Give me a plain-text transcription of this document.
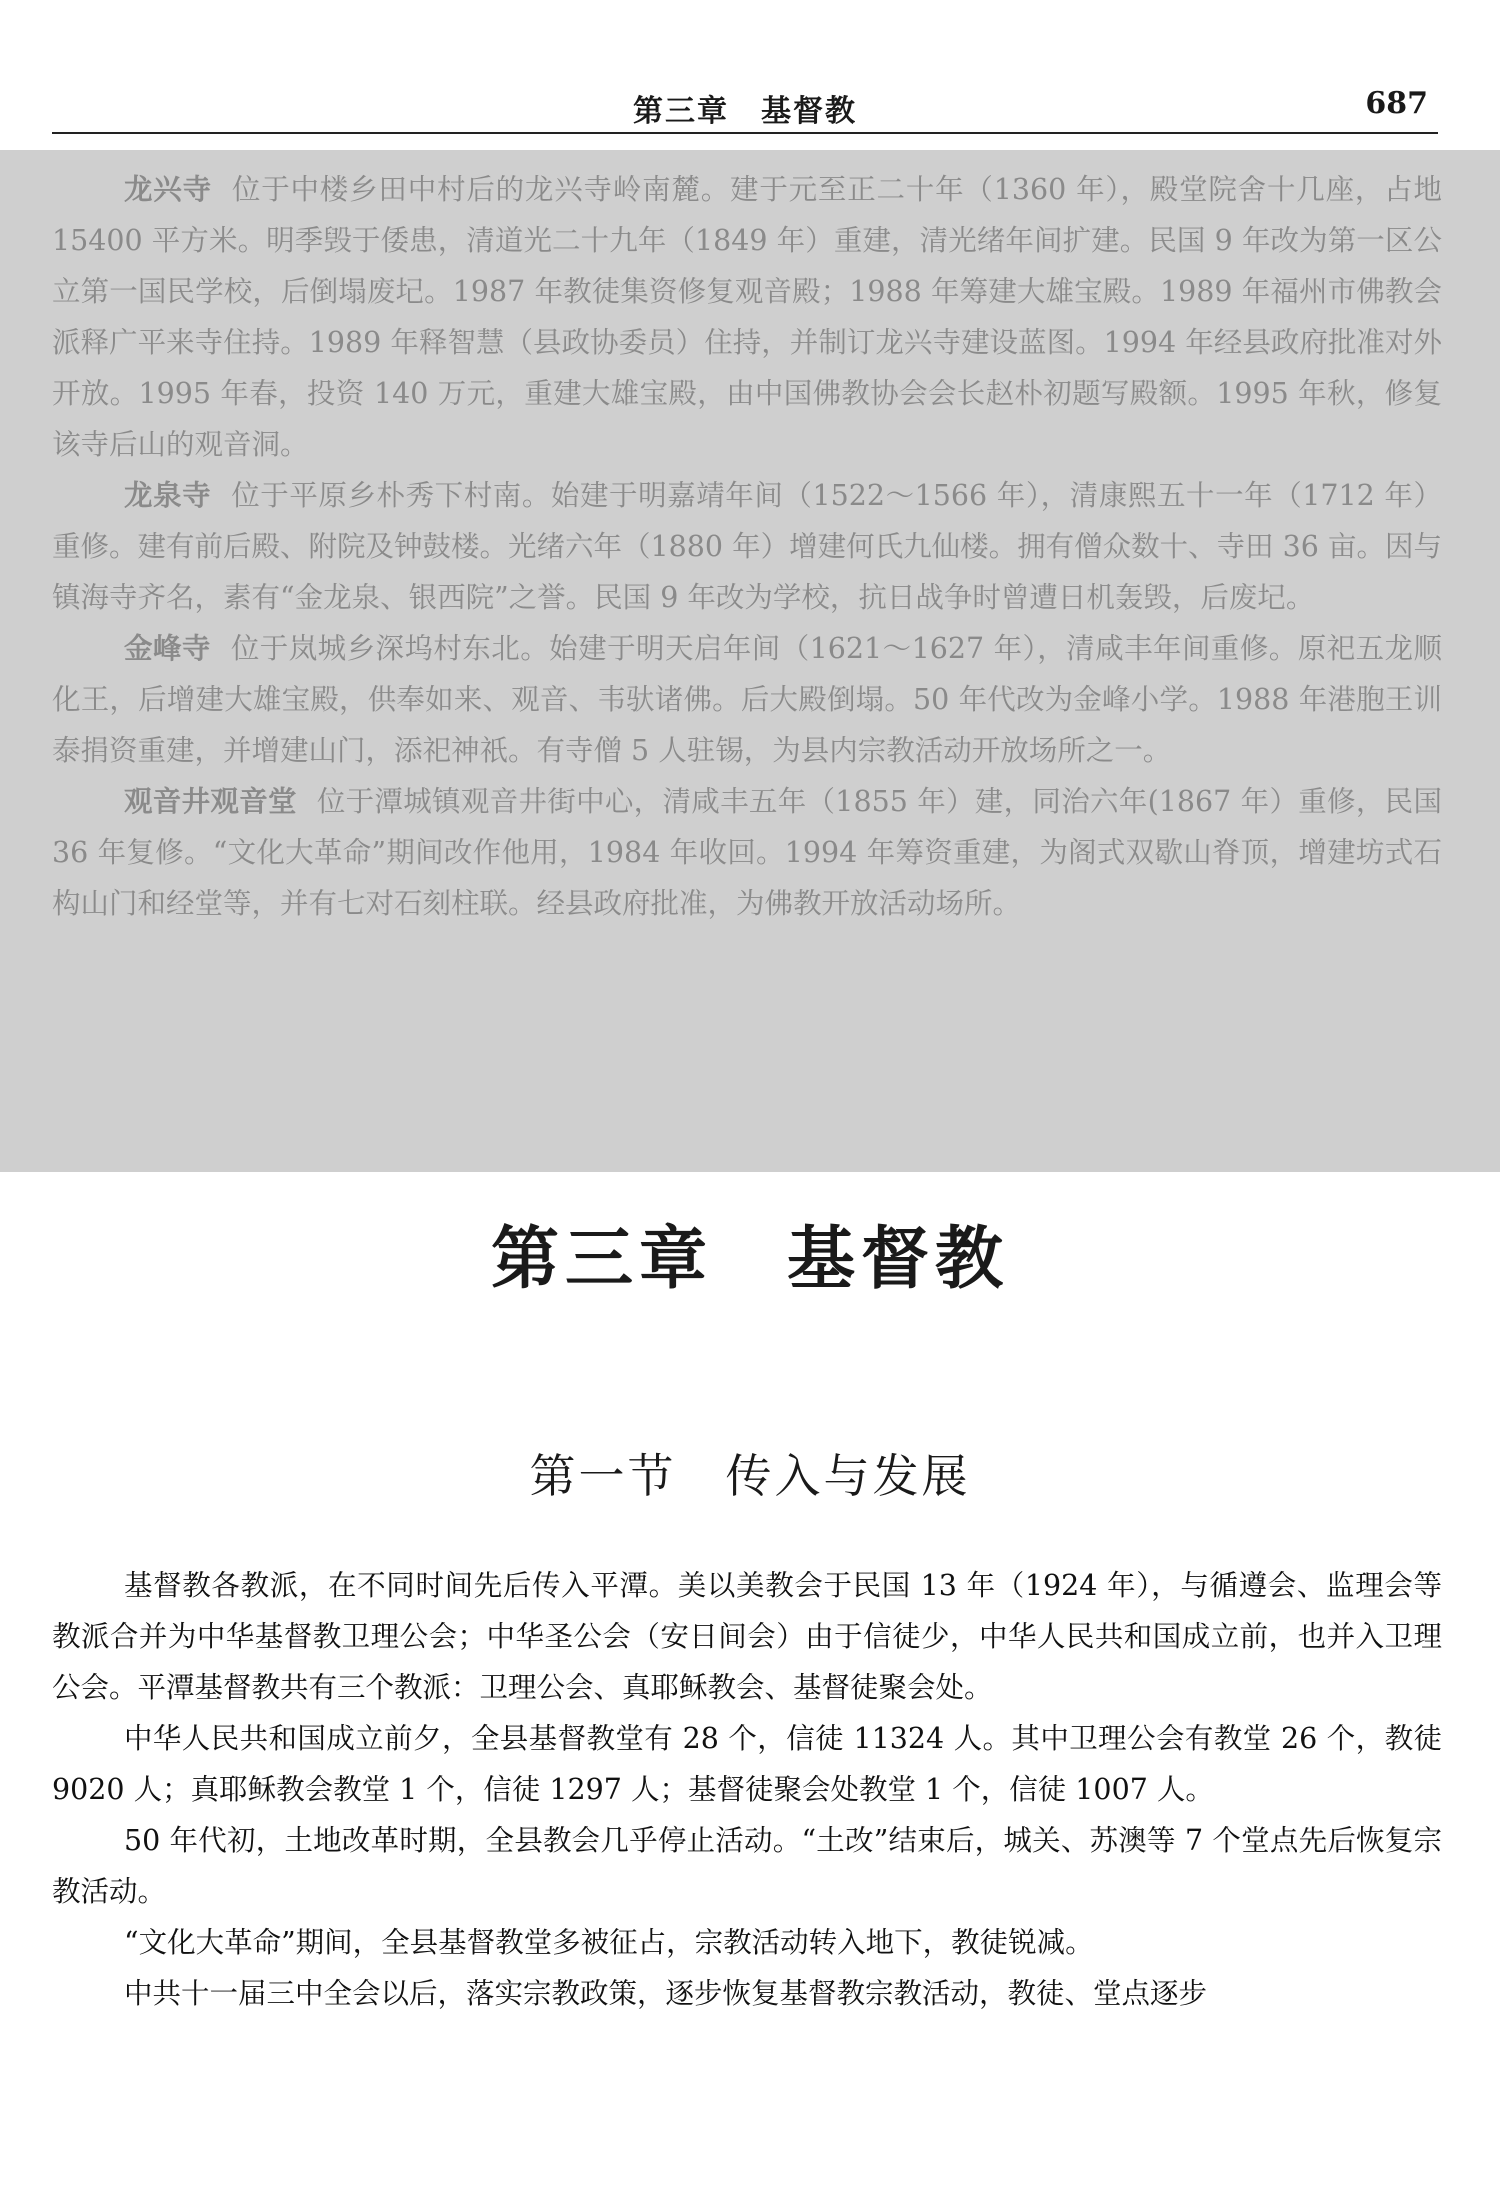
第三章　基督教	687

龙兴寺 位于中楼乡田中村后的龙兴寺岭南麓。建于元至正二十年（1360 年），殿堂院舍十几座，占地 15400 平方米。明季毁于倭患，清道光二十九年（1849 年）重建，清光绪年间扩建。民国 9 年改为第一区公立第一国民学校，后倒塌废圮。1987 年教徒集资修复观音殿；1988 年筹建大雄宝殿。1989 年福州市佛教会派释广平来寺住持。1989 年释智慧（县政协委员）住持，并制订龙兴寺建设蓝图。1994 年经县政府批准对外开放。1995 年春，投资 140 万元，重建大雄宝殿，由中国佛教协会会长赵朴初题写殿额。1995 年秋，修复该寺后山的观音洞。

龙泉寺 位于平原乡朴秀下村南。始建于明嘉靖年间（1522～1566 年），清康熙五十一年（1712 年）重修。建有前后殿、附院及钟鼓楼。光绪六年（1880 年）增建何氏九仙楼。拥有僧众数十、寺田 36 亩。因与镇海寺齐名，素有“金龙泉、银西院”之誉。民国 9 年改为学校，抗日战争时曾遭日机轰毁，后废圮。

金峰寺 位于岚城乡深坞村东北。始建于明天启年间（1621～1627 年），清咸丰年间重修。原祀五龙顺化王，后增建大雄宝殿，供奉如来、观音、韦驮诸佛。后大殿倒塌。50 年代改为金峰小学。1988 年港胞王训泰捐资重建，并增建山门，添祀神祇。有寺僧 5 人驻锡，为县内宗教活动开放场所之一。

观音井观音堂 位于潭城镇观音井街中心，清咸丰五年（1855 年）建，同治六年(1867 年）重修，民国 36 年复修。“文化大革命”期间改作他用，1984 年收回。1994 年筹资重建，为阁式双歇山脊顶，增建坊式石构山门和经堂等，并有七对石刻柱联。经县政府批准，为佛教开放活动场所。

第三章　基督教
第一节　传入与发展

基督教各教派，在不同时间先后传入平潭。美以美教会于民国 13 年（1924 年），与循遵会、监理会等教派合并为中华基督教卫理公会；中华圣公会（安日间会）由于信徒少，中华人民共和国成立前，也并入卫理公会。平潭基督教共有三个教派：卫理公会、真耶稣教会、基督徒聚会处。

中华人民共和国成立前夕，全县基督教堂有 28 个，信徒 11324 人。其中卫理公会有教堂 26 个，教徒 9020 人；真耶稣教会教堂 1 个，信徒 1297 人；基督徒聚会处教堂 1 个，信徒 1007 人。

50 年代初，土地改革时期，全县教会几乎停止活动。“土改”结束后，城关、苏澳等 7 个堂点先后恢复宗教活动。

“文化大革命”期间，全县基督教堂多被征占，宗教活动转入地下，教徒锐减。

中共十一届三中全会以后，落实宗教政策，逐步恢复基督教宗教活动，教徒、堂点逐步
